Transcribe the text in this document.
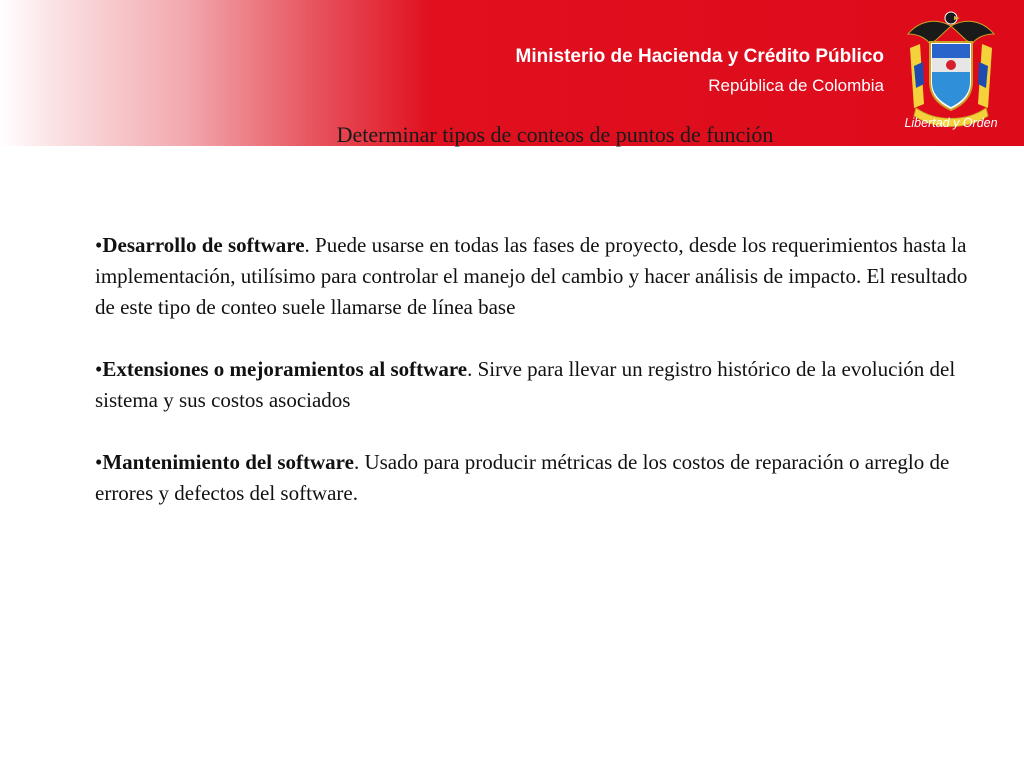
Ministerio de Hacienda y Crédito Público
República de Colombia
Libertad y Orden
Determinar tipos de conteos de puntos de función

•Desarrollo de software. Puede usarse en todas las fases de proyecto, desde los requerimientos hasta la implementación, utilísimo para controlar el manejo del cambio y hacer análisis de impacto. El resultado de este tipo de conteo suele llamarse de línea base

•Extensiones o mejoramientos al software. Sirve para llevar un registro histórico de la evolución del sistema y sus costos asociados

•Mantenimiento del software. Usado para producir métricas de los costos de reparación o arreglo de errores y defectos del software.
